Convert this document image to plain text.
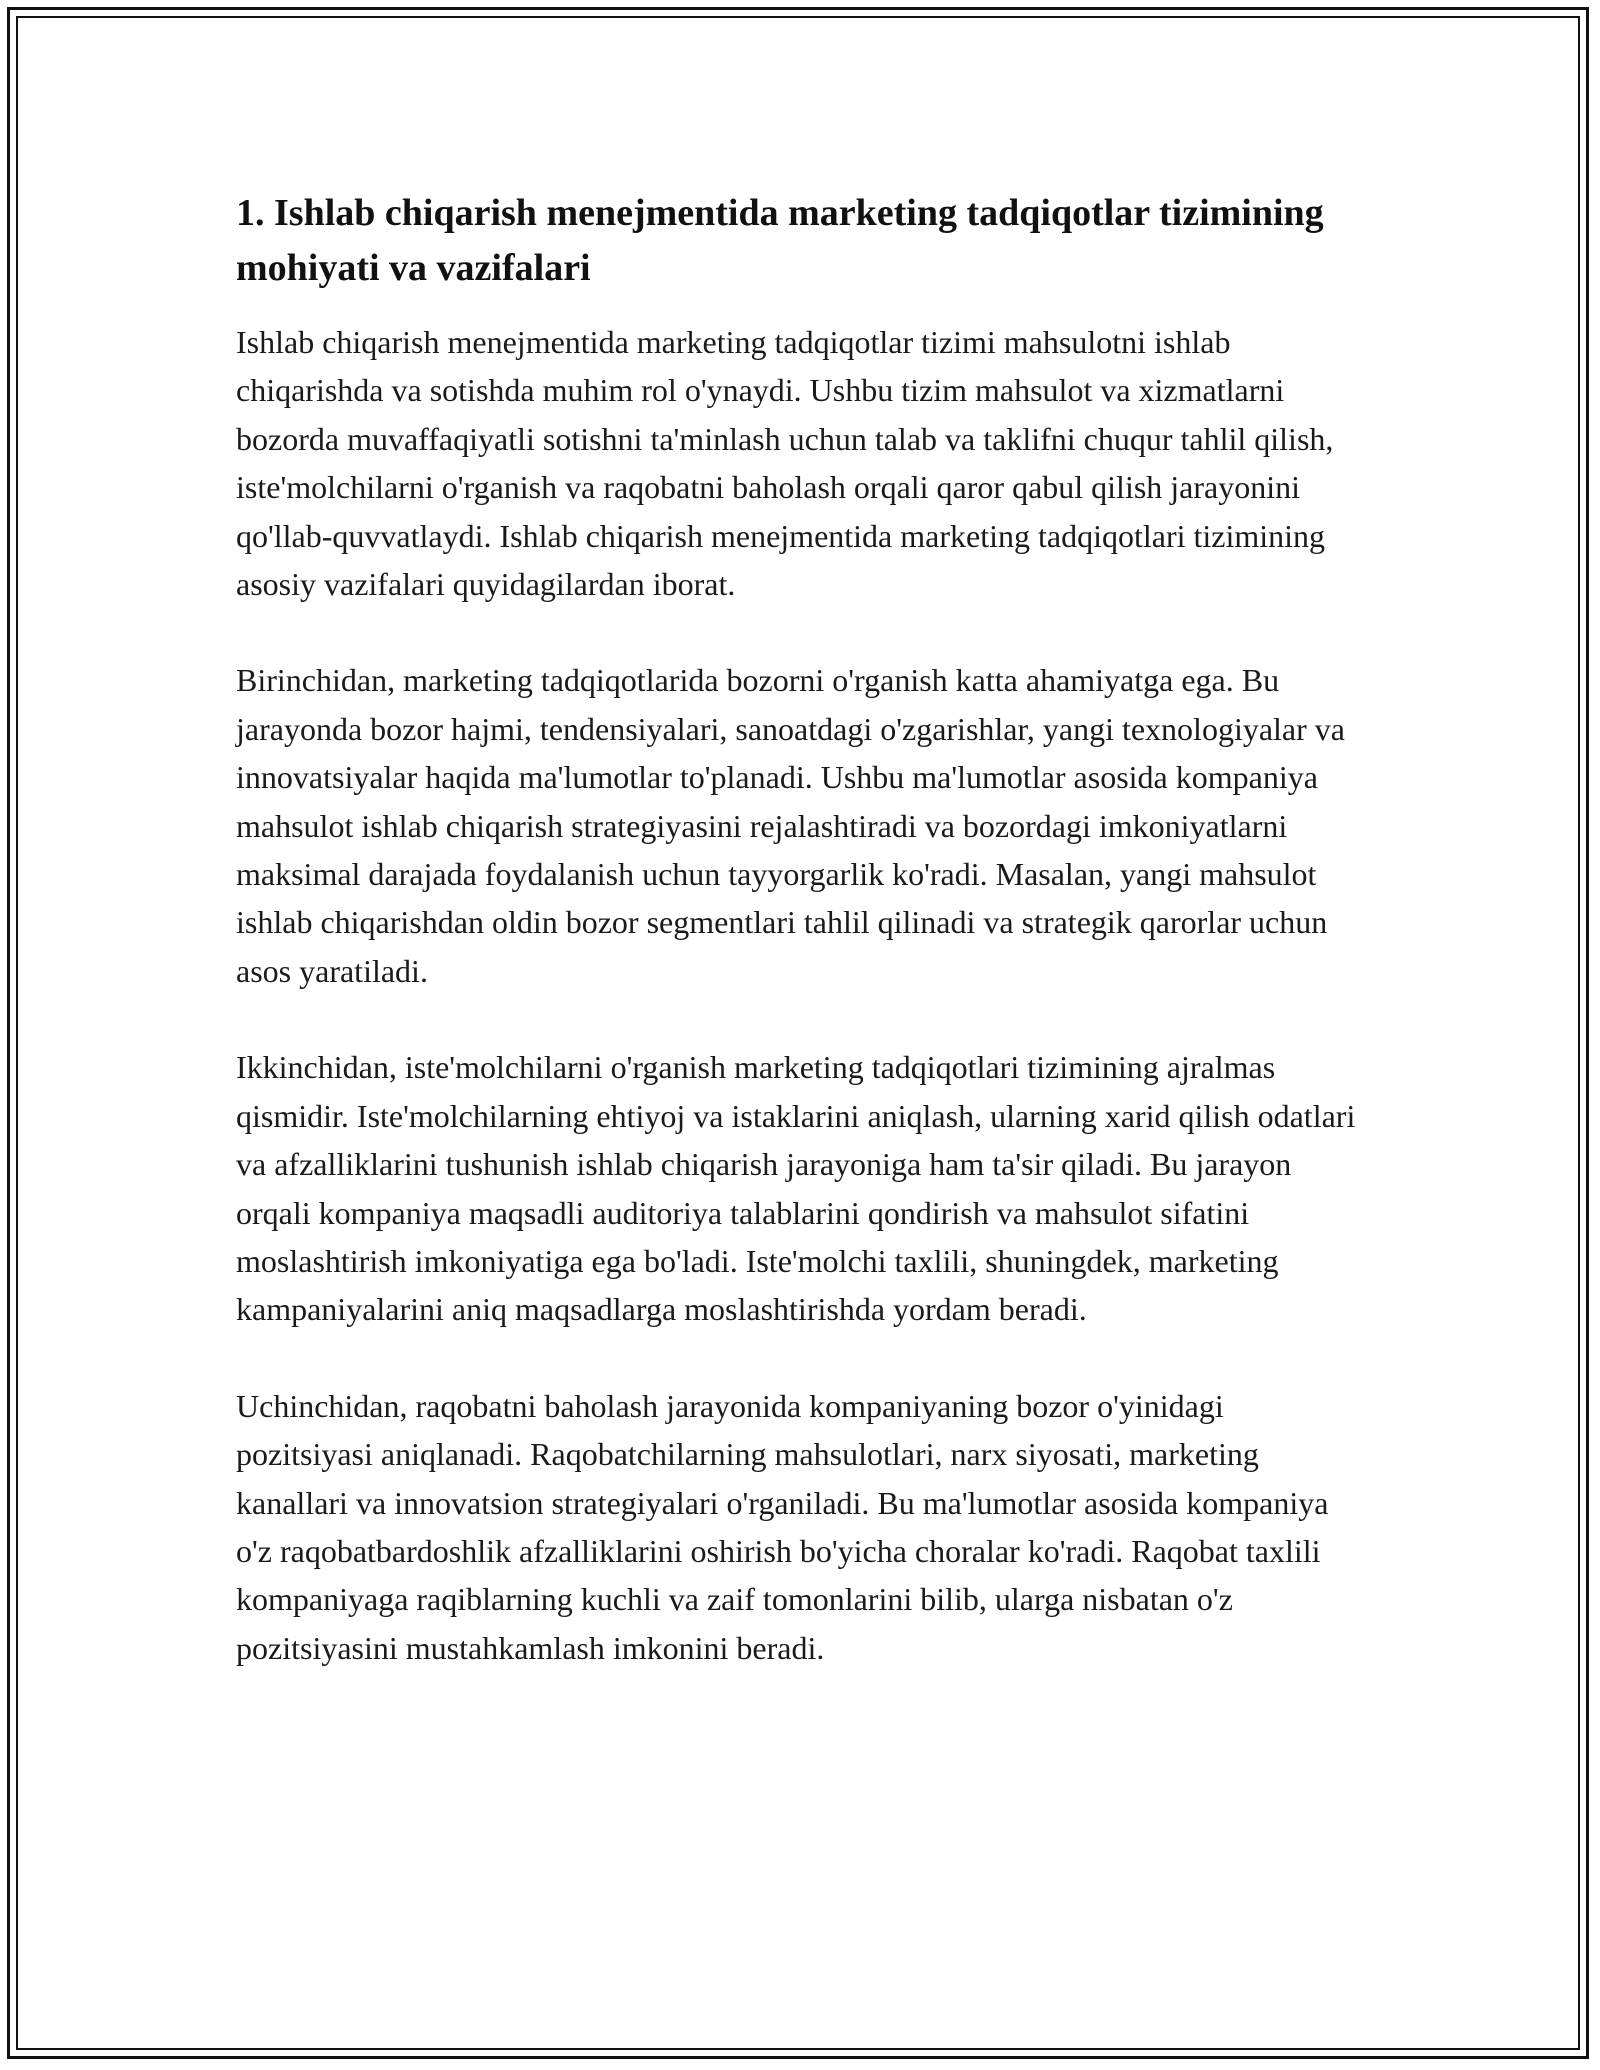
1. Ishlab chiqarish menejmentida marketing tadqiqotlar tizimining mohiyati va vazifalari

Ishlab chiqarish menejmentida marketing tadqiqotlar tizimi mahsulotni ishlab chiqarishda va sotishda muhim rol o'ynaydi. Ushbu tizim mahsulot va xizmatlarni bozorda muvaffaqiyatli sotishni ta'minlash uchun talab va taklifni chuqur tahlil qilish, iste'molchilarni o'rganish va raqobatni baholash orqali qaror qabul qilish jarayonini qo'llab-quvvatlaydi. Ishlab chiqarish menejmentida marketing tadqiqotlari tizimining asosiy vazifalari quyidagilardan iborat.

Birinchidan, marketing tadqiqotlarida bozorni o'rganish katta ahamiyatga ega. Bu jarayonda bozor hajmi, tendensiyalari, sanoatdagi o'zgarishlar, yangi texnologiyalar va innovatsiyalar haqida ma'lumotlar to'planadi. Ushbu ma'lumotlar asosida kompaniya mahsulot ishlab chiqarish strategiyasini rejalashtiradi va bozordagi imkoniyatlarni maksimal darajada foydalanish uchun tayyorgarlik ko'radi. Masalan, yangi mahsulot ishlab chiqarishdan oldin bozor segmentlari tahlil qilinadi va strategik qarorlar uchun asos yaratiladi.

Ikkinchidan, iste'molchilarni o'rganish marketing tadqiqotlari tizimining ajralmas qismidir. Iste'molchilarning ehtiyoj va istaklarini aniqlash, ularning xarid qilish odatlari va afzalliklarini tushunish ishlab chiqarish jarayoniga ham ta'sir qiladi. Bu jarayon orqali kompaniya maqsadli auditoriya talablarini qondirish va mahsulot sifatini moslashtirish imkoniyatiga ega bo'ladi. Iste'molchi taxlili, shuningdek, marketing kampaniyalarini aniq maqsadlarga moslashtirishda yordam beradi.

Uchinchidan, raqobatni baholash jarayonida kompaniyaning bozor o'yinidagi pozitsiyasi aniqlanadi. Raqobatchilarning mahsulotlari, narx siyosati, marketing kanallari va innovatsion strategiyalari o'rganiladi. Bu ma'lumotlar asosida kompaniya o'z raqobatbardoshlik afzalliklarini oshirish bo'yicha choralar ko'radi. Raqobat taxlili kompaniyaga raqiblarning kuchli va zaif tomonlarini bilib, ularga nisbatan o'z pozitsiyasini mustahkamlash imkonini beradi.
